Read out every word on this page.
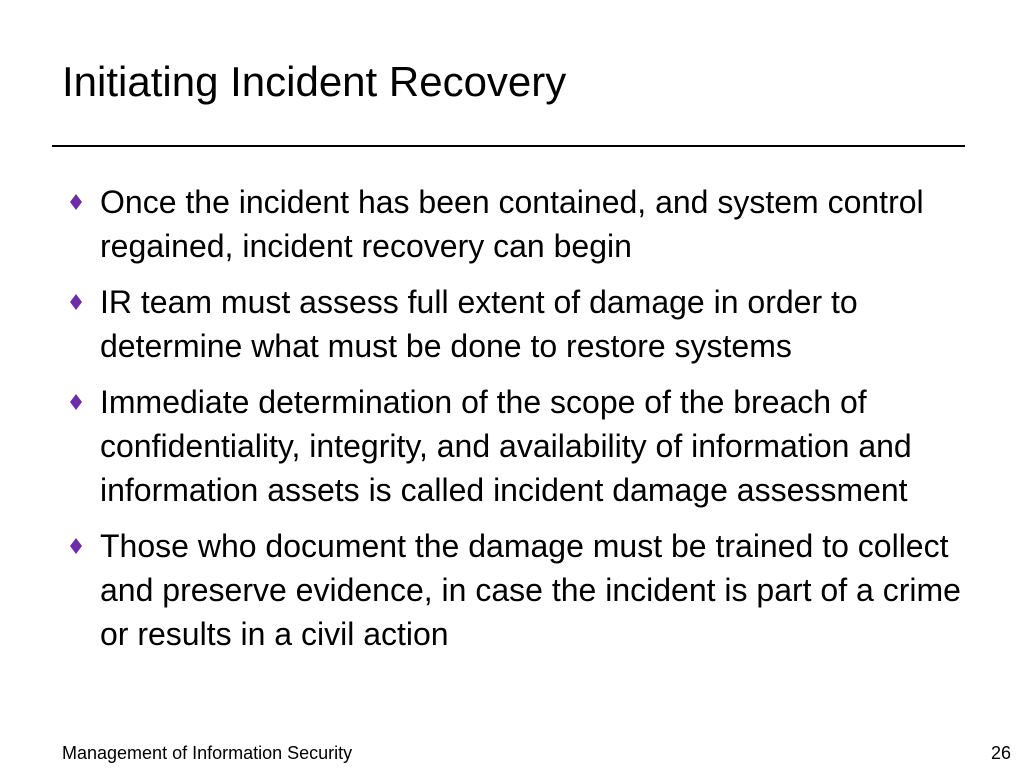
Initiating Incident Recovery
Once the incident has been contained, and system control regained, incident recovery can begin
IR team must assess full extent of damage in order to determine what must be done to restore systems
Immediate determination of the scope of the breach of confidentiality, integrity, and availability of information and information assets is called incident damage assessment
Those who document the damage must be trained to collect and preserve evidence, in case the incident is part of a crime or results in a civil action
Management of Information Security	26
